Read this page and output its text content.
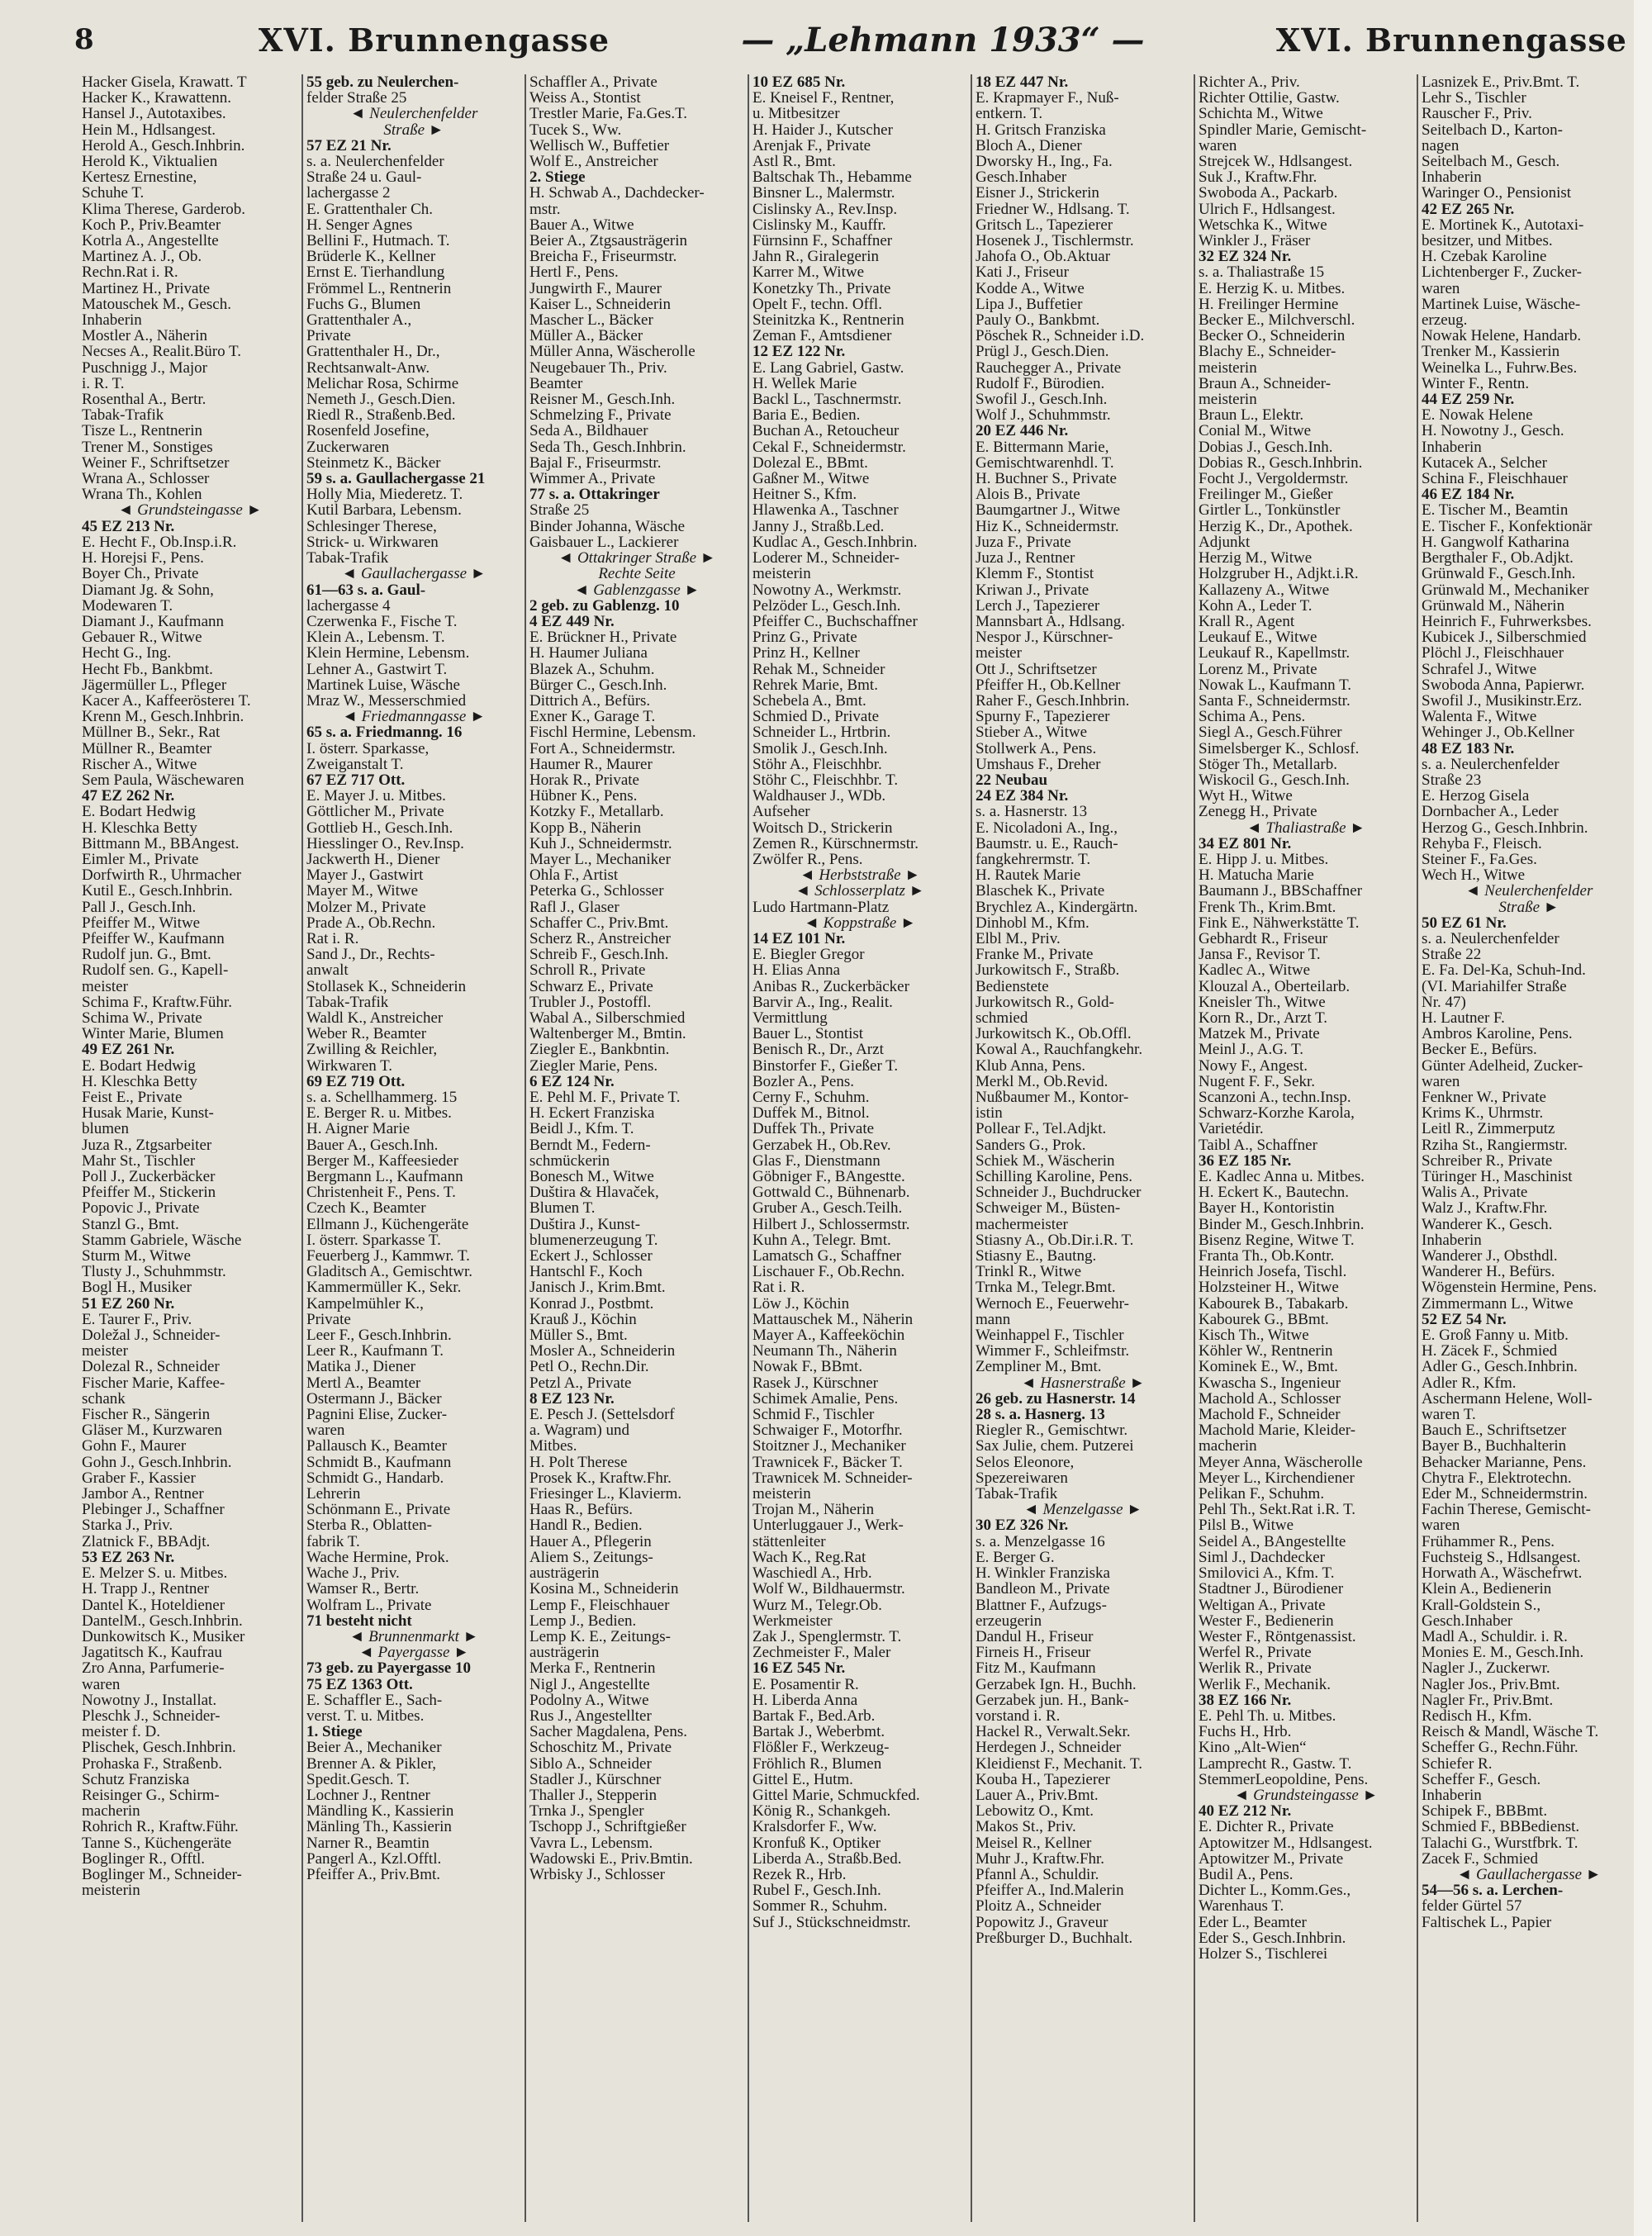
8	XVI. Brunnengasse	— „Lehmann 1933“ —	XVI. Brunnengasse
Hacker Gisela, Krawatt. T
Hacker K., Krawattenn.
Hansel J., Autotaxibes.
Hein M., Hdlsangest.
Herold A., Gesch.Inhbrin.
Herold K., Viktualien
Kertesz Ernestine,
Schuhe T.
Klima Therese, Garderob.
Koch P., Priv.Beamter
Kotrla A., Angestellte
Martinez A. J., Ob.
Rechn.Rat i. R.
Martinez H., Private
Matouschek M., Gesch.
Inhaberin
Mostler A., Näherin
Necses A., Realit.Büro T.
Puschnigg J., Major
i. R. T.
Rosenthal A., Bertr.
Tabak-Trafik
Tisze L., Rentnerin
Trener M., Sonstiges
Weiner F., Schriftsetzer
Wrana A., Schlosser
Wrana Th., Kohlen
◄ Grundsteingasse ►
45 EZ 213 Nr.
E. Hecht F., Ob.Insp.i.R.
H. Horejsi F., Pens.
Boyer Ch., Private
Diamant Jg. & Sohn,
Modewaren T.
Diamant J., Kaufmann
Gebauer R., Witwe
Hecht G., Ing.
Hecht Fb., Bankbmt.
Jägermüller L., Pfleger
Kacer A., Kaffeeröstereı T.
Krenn M., Gesch.Inhbrin.
Müllner B., Sekr., Rat
Müllner R., Beamter
Rischer A., Witwe
Sem Paula, Wäschewaren
47 EZ 262 Nr.
E. Bodart Hedwig
H. Kleschka Betty
Bittmann M., BBAngest.
Eimler M., Private
Dorfwirth R., Uhrmacher
Kutil E., Gesch.Inhbrin.
Pall J., Gesch.Inh.
Pfeiffer M., Witwe
Pfeiffer W., Kaufmann
Rudolf jun. G., Bmt.
Rudolf sen. G., Kapell-
meister
Schima F., Kraftw.Führ.
Schima W., Private
Winter Marie, Blumen
49 EZ 261 Nr.
E. Bodart Hedwig
H. Kleschka Betty
Feist E., Private
Husak Marie, Kunst-
blumen
Juza R., Ztgsarbeiter
Mahr St., Tischler
Poll J., Zuckerbäcker
Pfeiffer M., Stickerin
Popovic J., Private
Stanzl G., Bmt.
Stamm Gabriele, Wäsche
Sturm M., Witwe
Tlusty J., Schuhmmstr.
Bogl H., Musiker
51 EZ 260 Nr.
E. Taurer F., Priv.
Doležal J., Schneider-
meister
Dolezal R., Schneider
Fischer Marie, Kaffee-
schank
Fischer R., Sängerin
Gläser M., Kurzwaren
Gohn F., Maurer
Gohn J., Gesch.Inhbrin.
Graber F., Kassier
Jambor A., Rentner
Plebinger J., Schaffner
Starka J., Priv.
Zlatnick F., BBAdjt.
53 EZ 263 Nr.
E. Melzer S. u. Mitbes.
H. Trapp J., Rentner
Dantel K., Hoteldiener
DantelM., Gesch.Inhbrin.
Dunkowitsch K., Musiker
Jagatitsch K., Kaufrau
Zro Anna, Parfumerie-
waren
Nowotny J., Installat.
Pleschk J., Schneider-
meister f. D.
Plischek, Gesch.Inhbrin.
Prohaska F., Straßenb.
Schutz Franziska
Reisinger G., Schirm-
macherin
Rohrich R., Kraftw.Führ.
Tanne S., Küchengeräte
Boglinger R., Offtl.
Boglinger M., Schneider-
meisterin
55 geb. zu Neulerchen-
felder Straße 25
◄ Neulerchenfelder
Straße ►
57 EZ 21 Nr.
s. a. Neulerchenfelder
Straße 24 u. Gaul-
lachergasse 2
E. Grattenthaler Ch.
H. Senger Agnes
Bellini F., Hutmach. T.
Brüderle K., Kellner
Ernst E. Tierhandlung
Frömmel L., Rentnerin
Fuchs G., Blumen
Grattenthaler A.,
Private
Grattenthaler H., Dr.,
Rechtsanwalt-Anw.
Melichar Rosa, Schirme
Nemeth J., Gesch.Dien.
Riedl R., Straßenb.Bed.
Rosenfeld Josefine,
Zuckerwaren
Steinmetz K., Bäcker
59 s. a. Gaullachergasse 21
Holly Mia, Miederetz. T.
Kutil Barbara, Lebensm.
Schlesinger Therese,
Strick- u. Wirkwaren
Tabak-Trafik
◄ Gaullachergasse ►
61—63 s. a. Gaul-
lachergasse 4
Czerwenka F., Fische T.
Klein A., Lebensm. T.
Klein Hermine, Lebensm.
Lehner A., Gastwirt T.
Martinek Luise, Wäsche
Mraz W., Messerschmied
◄ Friedmanngasse ►
65 s. a. Friedmanng. 16
I. österr. Sparkasse,
Zweiganstalt T.
67 EZ 717 Ott.
E. Mayer J. u. Mitbes.
Göttlicher M., Private
Gottlieb H., Gesch.Inh.
Hiesslinger O., Rev.Insp.
Jackwerth H., Diener
Mayer J., Gastwirt
Mayer M., Witwe
Molzer M., Private
Prade A., Ob.Rechn.
Rat i. R.
Sand J., Dr., Rechts-
anwalt
Stollasek K., Schneiderin
Tabak-Trafik
Waldl K., Anstreicher
Weber R., Beamter
Zwilling & Reichler,
Wirkwaren T.
69 EZ 719 Ott.
s. a. Schellhammerg. 15
E. Berger R. u. Mitbes.
H. Aigner Marie
Bauer A., Gesch.Inh.
Berger M., Kaffeesieder
Bergmann L., Kaufmann
Christenheit F., Pens. T.
Czech K., Beamter
Ellmann J., Küchengeräte
I. österr. Sparkasse T.
Feuerberg J., Kammwr. T.
Gladitsch A., Gemischtwr.
Kammermüller K., Sekr.
Kampelmühler K.,
Private
Leer F., Gesch.Inhbrin.
Leer R., Kaufmann T.
Matika J., Diener
Mertl A., Beamter
Ostermann J., Bäcker
Pagnini Elise, Zucker-
waren
Pallausch K., Beamter
Schmidt B., Kaufmann
Schmidt G., Handarb.
Lehrerin
Schönmann E., Private
Sterba R., Oblatten-
fabrik T.
Wache Hermine, Prok.
Wache J., Priv.
Wamser R., Bertr.
Wolfram L., Private
71 besteht nicht
◄ Brunnenmarkt ►
◄ Payergasse ►
73 geb. zu Payergasse 10
75 EZ 1363 Ott.
E. Schaffler E., Sach-
verst. T. u. Mitbes.
1. Stiege
Beier A., Mechaniker
Brenner A. & Pikler,
Spedit.Gesch. T.
Lochner J., Rentner
Mändling K., Kassierin
Mänling Th., Kassierin
Narner R., Beamtin
Pangerl A., Kzl.Offtl.
Pfeiffer A., Priv.Bmt.
Schaffler A., Private
Weiss A., Stontist
Trestler Marie, Fa.Ges.T.
Tucek S., Ww.
Wellisch W., Buffetier
Wolf E., Anstreicher
2. Stiege
H. Schwab A., Dachdecker-
mstr.
Bauer A., Witwe
Beier A., Ztgsausträgerin
Breicha F., Friseurmstr.
Hertl F., Pens.
Jungwirth F., Maurer
Kaiser L., Schneiderin
Mascher L., Bäcker
Müller A., Bäcker
Müller Anna, Wäscherolle
Neugebauer Th., Priv.
Beamter
Reisner M., Gesch.Inh.
Schmelzing F., Private
Seda A., Bildhauer
Seda Th., Gesch.Inhbrin.
Bajal F., Friseurmstr.
Wimmer A., Private
77 s. a. Ottakringer
Straße 25
Binder Johanna, Wäsche
Gaisbauer L., Lackierer
◄ Ottakringer Straße ►
Rechte Seite
◄ Gablenzgasse ►
2 geb. zu Gablenzg. 10
4 EZ 449 Nr.
E. Brückner H., Private
H. Haumer Juliana
Blazek A., Schuhm.
Bürger C., Gesch.Inh.
Dittrich A., Befürs.
Exner K., Garage T.
Fischl Hermine, Lebensm.
Fort A., Schneidermstr.
Haumer R., Maurer
Horak R., Private
Hübner K., Pens.
Kotzky F., Metallarb.
Kopp B., Näherin
Kuh J., Schneidermstr.
Mayer L., Mechaniker
Ohla F., Artist
Peterka G., Schlosser
Rafl J., Glaser
Schaffer C., Priv.Bmt.
Scherz R., Anstreicher
Schreib F., Gesch.Inh.
Schroll R., Private
Schwarz E., Private
Trubler J., Postoffl.
Wabal A., Silberschmied
Waltenberger M., Bmtin.
Ziegler E., Bankbntin.
Ziegler Marie, Pens.
6 EZ 124 Nr.
E. Pehl M. F., Private T.
H. Eckert Franziska
Beidl J., Kfm. T.
Berndt M., Federn-
schmückerin
Bonesch M., Witwe
Duštira & Hlavaček,
Blumen T.
Duštira J., Kunst-
blumenerzeugung T.
Eckert J., Schlosser
Hantschl F., Koch
Janisch J., Krim.Bmt.
Konrad J., Postbmt.
Krauß J., Köchin
Müller S., Bmt.
Mosler A., Schneiderin
Petl O., Rechn.Dir.
Petzl A., Private
8 EZ 123 Nr.
E. Pesch J. (Settelsdorf
a. Wagram) und
Mitbes.
H. Polt Therese
Prosek K., Kraftw.Fhr.
Friesinger L., Klavierm.
Haas R., Befürs.
Handl R., Bedien.
Hauer A., Pflegerin
Aliem S., Zeitungs-
austrägerin
Kosina M., Schneiderin
Lemp F., Fleischhauer
Lemp J., Bedien.
Lemp K. E., Zeitungs-
austrägerin
Merka F., Rentnerin
Nigl J., Angestellte
Podolny A., Witwe
Rus J., Angestellter
Sacher Magdalena, Pens.
Schoschitz M., Private
Siblo A., Schneider
Stadler J., Kürschner
Thaller J., Stepperin
Trnka J., Spengler
Tschopp J., Schriftgießer
Vavra L., Lebensm.
Wadowski E., Priv.Bmtin.
Wrbisky J., Schlosser
10 EZ 685 Nr.
E. Kneisel F., Rentner,
u. Mitbesitzer
H. Haider J., Kutscher
Arenjak F., Private
Astl R., Bmt.
Baltschak Th., Hebamme
Binsner L., Malermstr.
Cislinsky A., Rev.Insp.
Cislinsky M., Kauffr.
Fürnsinn F., Schaffner
Jahn R., Giralegerin
Karrer M., Witwe
Konetzky Th., Private
Opelt F., techn. Offl.
Steinitzka K., Rentnerin
Zeman F., Amtsdiener
12 EZ 122 Nr.
E. Lang Gabriel, Gastw.
H. Wellek Marie
Backl L., Taschnermstr.
Baria E., Bedien.
Buchan A., Retoucheur
Cekal F., Schneidermstr.
Dolezal E., BBmt.
Gaßner M., Witwe
Heitner S., Kfm.
Hlawenka A., Taschner
Janny J., Straßb.Led.
Kudlac A., Gesch.Inhbrin.
Loderer M., Schneider-
meisterin
Nowotny A., Werkmstr.
Pelzöder L., Gesch.Inh.
Pfeiffer C., Buchschaffner
Prinz G., Private
Prinz H., Kellner
Rehak M., Schneider
Rehrek Marie, Bmt.
Schebela A., Bmt.
Schmied D., Private
Schneider L., Hrtbrin.
Smolik J., Gesch.Inh.
Stöhr A., Fleischhbr.
Stöhr C., Fleischhbr. T.
Waldhauser J., WDb.
Aufseher
Woitsch D., Strickerin
Zemen R., Kürschnermstr.
Zwölfer R., Pens.
◄ Herbststraße ►
◄ Schlosserplatz ►
Ludo Hartmann-Platz
◄ Koppstraße ►
14 EZ 101 Nr.
E. Biegler Gregor
H. Elias Anna
Anibas R., Zuckerbäcker
Barvir A., Ing., Realit.
Vermittlung
Bauer L., Stontist
Benisch R., Dr., Arzt
Binstorfer F., Gießer T.
Bozler A., Pens.
Cerny F., Schuhm.
Duffek M., Bitnol.
Duffek Th., Private
Gerzabek H., Ob.Rev.
Glas F., Dienstmann
Göbniger F., BAngestte.
Gottwald C., Bühnenarb.
Gruber A., Gesch.Teilh.
Hilbert J., Schlossermstr.
Kuhn A., Telegr. Bmt.
Lamatsch G., Schaffner
Lischauer F., Ob.Rechn.
Rat i. R.
Löw J., Köchin
Mattauschek M., Näherin
Mayer A., Kaffeeköchin
Neumann Th., Näherin
Nowak F., BBmt.
Rasek J., Kürschner
Schimek Amalie, Pens.
Schmid F., Tischler
Schwaiger F., Motorfhr.
Stoitzner J., Mechaniker
Trawnicek F., Bäcker T.
Trawnicek M. Schneider-
meisterin
Trojan M., Näherin
Unterluggauer J., Werk-
stättenleiter
Wach K., Reg.Rat
Waschiedl A., Hrb.
Wolf W., Bildhauermstr.
Wurz M., Telegr.Ob.
Werkmeister
Zak J., Spenglermstr. T.
Zechmeister F., Maler
16 EZ 545 Nr.
E. Posamentir R.
H. Liberda Anna
Bartak F., Bed.Arb.
Bartak J., Weberbmt.
Flößler F., Werkzeug-
Fröhlich R., Blumen
Gittel E., Hutm.
Gittel Marie, Schmuckfed.
König R., Schankgeh.
Kralsdorfer F., Ww.
Kronfuß K., Optiker
Liberda A., Straßb.Bed.
Rezek R., Hrb.
Rubel F., Gesch.Inh.
Sommer R., Schuhm.
Suf J., Stückschneidmstr.
18 EZ 447 Nr.
E. Krapmayer F., Nuß-
entkern. T.
H. Gritsch Franziska
Bloch A., Diener
Dworsky H., Ing., Fa.
Gesch.Inhaber
Eisner J., Strickerin
Friedner W., Hdlsang. T.
Gritsch L., Tapezierer
Hosenek J., Tischlermstr.
Jahofa O., Ob.Aktuar
Kati J., Friseur
Kodde A., Witwe
Lipa J., Buffetier
Pauly O., Bankbmt.
Pöschek R., Schneider i.D.
Prügl J., Gesch.Dien.
Rauchegger A., Private
Rudolf F., Bürodien.
Swofil J., Gesch.Inh.
Wolf J., Schuhmmstr.
20 EZ 446 Nr.
E. Bittermann Marie,
Gemischtwarenhdl. T.
H. Buchner S., Private
Alois B., Private
Baumgartner J., Witwe
Hiz K., Schneidermstr.
Juza F., Private
Juza J., Rentner
Klemm F., Stontist
Kriwan J., Private
Lerch J., Tapezierer
Mannsbart A., Hdlsang.
Nespor J., Kürschner-
meister
Ott J., Schriftsetzer
Pfeiffer H., Ob.Kellner
Raher F., Gesch.Inhbrin.
Spurny F., Tapezierer
Stieber A., Witwe
Stollwerk A., Pens.
Umshaus F., Dreher
22 Neubau
24 EZ 384 Nr.
s. a. Hasnerstr. 13
E. Nicoladoni A., Ing.,
Baumstr. u. E., Rauch-
fangkehrermstr. T.
H. Rautek Marie
Blaschek K., Private
Brychlez A., Kindergärtn.
Dinhobl M., Kfm.
Elbl M., Priv.
Franke M., Private
Jurkowitsch F., Straßb.
Bedienstete
Jurkowitsch R., Gold-
schmied
Jurkowitsch K., Ob.Offl.
Kowal A., Rauchfangkehr.
Klub Anna, Pens.
Merkl M., Ob.Revid.
Nußbaumer M., Kontor-
istin
Pollear F., Tel.Adjkt.
Sanders G., Prok.
Schiek M., Wäscherin
Schilling Karoline, Pens.
Schneider J., Buchdrucker
Schweiger M., Büsten-
machermeister
Stiasny A., Ob.Dir.i.R. T.
Stiasny E., Bautng.
Trinkl R., Witwe
Trnka M., Telegr.Bmt.
Wernoch E., Feuerwehr-
mann
Weinhappel F., Tischler
Wimmer F., Schleifmstr.
Zempliner M., Bmt.
◄ Hasnerstraße ►
26 geb. zu Hasnerstr. 14
28 s. a. Hasnerg. 13
Riegler R., Gemischtwr.
Sax Julie, chem. Putzerei
Selos Eleonore,
Spezereiwaren
Tabak-Trafik
◄ Menzelgasse ►
30 EZ 326 Nr.
s. a. Menzelgasse 16
E. Berger G.
H. Winkler Franziska
Bandleon M., Private
Blattner F., Aufzugs-
erzeugerin
Dandul H., Friseur
Firneis H., Friseur
Fitz M., Kaufmann
Gerzabek Ign. H., Buchh.
Gerzabek jun. H., Bank-
vorstand i. R.
Hackel R., Verwalt.Sekr.
Herdegen J., Schneider
Kleidienst F., Mechanit. T.
Kouba H., Tapezierer
Lauer A., Priv.Bmt.
Lebowitz O., Kmt.
Makos St., Priv.
Meisel R., Kellner
Muhr J., Kraftw.Fhr.
Pfannl A., Schuldir.
Pfeiffer A., Ind.Malerin
Ploitz A., Schneider
Popowitz J., Graveur
Preßburger D., Buchhalt.
Richter A., Priv.
Richter Ottilie, Gastw.
Schichta M., Witwe
Spindler Marie, Gemischt-
waren
Strejcek W., Hdlsangest.
Suk J., Kraftw.Fhr.
Swoboda A., Packarb.
Ulrich F., Hdlsangest.
Wetschka K., Witwe
Winkler J., Fräser
32 EZ 324 Nr.
s. a. Thaliastraße 15
E. Herzig K. u. Mitbes.
H. Freilinger Hermine
Becker E., Milchverschl.
Becker O., Schneiderin
Blachy E., Schneider-
meisterin
Braun A., Schneider-
meisterin
Braun L., Elektr.
Conial M., Witwe
Dobias J., Gesch.Inh.
Dobias R., Gesch.Inhbrin.
Focht J., Vergoldermstr.
Freilinger M., Gießer
Girtler L., Tonkünstler
Herzig K., Dr., Apothek.
Adjunkt
Herzig M., Witwe
Holzgruber H., Adjkt.i.R.
Kallazeny A., Witwe
Kohn A., Leder T.
Krall R., Agent
Leukauf E., Witwe
Leukauf R., Kapellmstr.
Lorenz M., Private
Nowak L., Kaufmann T.
Santa F., Schneidermstr.
Schima A., Pens.
Siegl A., Gesch.Führer
Simelsberger K., Schlosf.
Stöger Th., Metallarb.
Wiskocil G., Gesch.Inh.
Wyt H., Witwe
Zenegg H., Private
◄ Thaliastraße ►
34 EZ 801 Nr.
E. Hipp J. u. Mitbes.
H. Matucha Marie
Baumann J., BBSchaffner
Frenk Th., Krim.Bmt.
Fink E., Nähwerkstätte T.
Gebhardt R., Friseur
Jansa F., Revisor T.
Kadlec A., Witwe
Klouzal A., Oberteilarb.
Kneisler Th., Witwe
Korn R., Dr., Arzt T.
Matzek M., Private
Meinl J., A.G. T.
Nowy F., Angest.
Nugent F. F., Sekr.
Scanzoni A., techn.Insp.
Schwarz-Korzhe Karola,
Varietédir.
Taibl A., Schaffner
36 EZ 185 Nr.
E. Kadlec Anna u. Mitbes.
H. Eckert K., Bautechn.
Bayer H., Kontoristin
Binder M., Gesch.Inhbrin.
Bisenz Regine, Witwe T.
Franta Th., Ob.Kontr.
Heinrich Josefa, Tischl.
Holzsteiner H., Witwe
Kabourek B., Tabakarb.
Kabourek G., BBmt.
Kisch Th., Witwe
Köhler W., Rentnerin
Kominek E., W., Bmt.
Kwascha S., Ingenieur
Machold A., Schlosser
Machold F., Schneider
Machold Marie, Kleider-
macherin
Meyer Anna, Wäscherolle
Meyer L., Kirchendiener
Pelikan F., Schuhm.
Pehl Th., Sekt.Rat i.R. T.
Pilsl B., Witwe
Seidel A., BAngestellte
Siml J., Dachdecker
Smilovici A., Kfm. T.
Stadtner J., Bürodiener
Weltigan A., Private
Wester F., Bedienerin
Wester F., Röntgenassist.
Werfel R., Private
Werlik R., Private
Werlik F., Mechanik.
38 EZ 166 Nr.
E. Pehl Th. u. Mitbes.
Fuchs H., Hrb.
Kino „Alt-Wien“
Lamprecht R., Gastw. T.
StemmerLeopoldine, Pens.
◄ Grundsteingasse ►
40 EZ 212 Nr.
E. Dichter R., Private
Aptowitzer M., Hdlsangest.
Aptowitzer M., Private
Budil A., Pens.
Dichter L., Komm.Ges.,
Warenhaus T.
Eder L., Beamter
Eder S., Gesch.Inhbrin.
Holzer S., Tischlerei
Lasnizek E., Priv.Bmt. T.
Lehr S., Tischler
Rauscher F., Priv.
Seitelbach D., Karton-
nagen
Seitelbach M., Gesch.
Inhaberin
Waringer O., Pensionist
42 EZ 265 Nr.
E. Mortinek K., Autotaxi-
besitzer, und Mitbes.
H. Czebak Karoline
Lichtenberger F., Zucker-
waren
Martinek Luise, Wäsche-
erzeug.
Nowak Helene, Handarb.
Trenker M., Kassierin
Weinelka L., Fuhrw.Bes.
Winter F., Rentn.
44 EZ 259 Nr.
E. Nowak Helene
H. Nowotny J., Gesch.
Inhaberin
Kutacek A., Selcher
Schina F., Fleischhauer
46 EZ 184 Nr.
E. Tischer M., Beamtin
E. Tischer F., Konfektionär
H. Gangwolf Katharina
Bergthaler F., Ob.Adjkt.
Grünwald F., Gesch.Inh.
Grünwald M., Mechaniker
Grünwald M., Näherin
Heinrich F., Fuhrwerksbes.
Kubicek J., Silberschmied
Plöchl J., Fleischhauer
Schrafel J., Witwe
Swoboda Anna, Papierwr.
Swofil J., Musikinstr.Erz.
Walenta F., Witwe
Wehinger J., Ob.Kellner
48 EZ 183 Nr.
s. a. Neulerchenfelder
Straße 23
E. Herzog Gisela
Dornbacher A., Leder
Herzog G., Gesch.Inhbrin.
Rehyba F., Fleisch.
Steiner F., Fa.Ges.
Wech H., Witwe
◄ Neulerchenfelder
Straße ►
50 EZ 61 Nr.
s. a. Neulerchenfelder
Straße 22
E. Fa. Del-Ka, Schuh-Ind.
(VI. Mariahilfer Straße
Nr. 47)
H. Lautner F.
Ambros Karoline, Pens.
Becker E., Befürs.
Günter Adelheid, Zucker-
waren
Fenkner W., Private
Krims K., Uhrmstr.
Leitl R., Zimmerputz
Rziha St., Rangiermstr.
Schreiber R., Private
Türinger H., Maschinist
Walis A., Private
Walz J., Kraftw.Fhr.
Wanderer K., Gesch.
Inhaberin
Wanderer J., Obsthdl.
Wanderer H., Befürs.
Wögenstein Hermine, Pens.
Zimmermann L., Witwe
52 EZ 54 Nr.
E. Groß Fanny u. Mitb.
H. Zäcek F., Schmied
Adler G., Gesch.Inhbrin.
Adler R., Kfm.
Aschermann Helene, Woll-
waren T.
Bauch E., Schriftsetzer
Bayer B., Buchhalterin
Behacker Marianne, Pens.
Chytra F., Elektrotechn.
Eder M., Schneidermstrin.
Fachin Therese, Gemischt-
waren
Frühammer R., Pens.
Fuchsteig S., Hdlsangest.
Horwath A., Wäschefrwt.
Klein A., Bedienerin
Krall-Goldstein S.,
Gesch.Inhaber
Madl A., Schuldir. i. R.
Monies E. M., Gesch.Inh.
Nagler J., Zuckerwr.
Nagler Jos., Priv.Bmt.
Nagler Fr., Priv.Bmt.
Redisch H., Kfm.
Reisch & Mandl, Wäsche T.
Scheffer G., Rechn.Führ.
Schiefer R.
Scheffer F., Gesch.
Inhaberin
Schipek F., BBBmt.
Schmied F., BBBedienst.
Talachi G., Wurstfbrk. T.
Zacek F., Schmied
◄ Gaullachergasse ►
54—56 s. a. Lerchen-
felder Gürtel 57
Faltischek L., Papier
